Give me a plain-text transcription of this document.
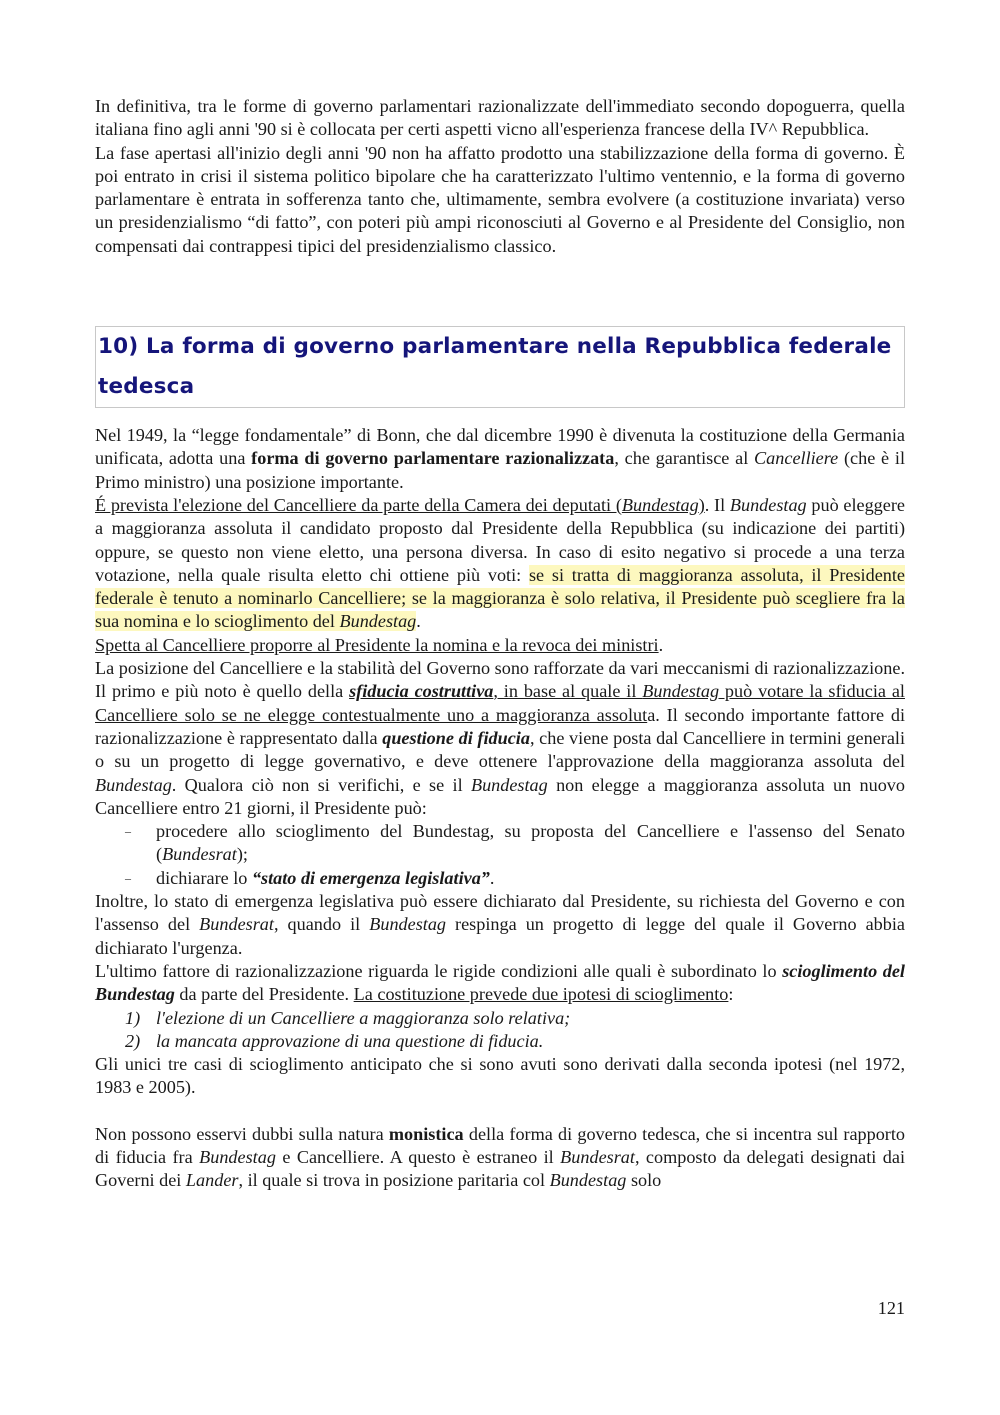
In definitiva, tra le forme di governo parlamentari razionalizzate dell'immediato secondo dopoguerra, quella italiana fino agli anni '90 si è collocata per certi aspetti vicno all'esperienza francese della IV^ Repubblica.

La fase apertasi all'inizio degli anni '90 non ha affatto prodotto una stabilizzazione della forma di governo. È poi entrato in crisi il sistema politico bipolare che ha caratterizzato l'ultimo ventennio, e la forma di governo parlamentare è entrata in sofferenza tanto che, ultimamente, sembra evolvere (a costituzione invariata) verso un presidenzialismo “di fatto”, con poteri più ampi riconosciuti al Governo e al Presidente del Consiglio, non compensati dai contrappesi tipici del presidenzialismo classico.

10) La forma di governo parlamentare nella Repubblica federale tedesca

Nel 1949, la “legge fondamentale” di Bonn, che dal dicembre 1990 è divenuta la costituzione della Germania unificata, adotta una forma di governo parlamentare razionalizzata, che garantisce al Cancelliere (che è il Primo ministro) una posizione importante.

É prevista l'elezione del Cancelliere da parte della Camera dei deputati (Bundestag). Il Bundestag può eleggere a maggioranza assoluta il candidato proposto dal Presidente della Repubblica (su indicazione dei partiti) oppure, se questo non viene eletto, una persona diversa. In caso di esito negativo si procede a una terza votazione, nella quale risulta eletto chi ottiene più voti: se si tratta di maggioranza assoluta, il Presidente federale è tenuto a nominarlo Cancelliere; se la maggioranza è solo relativa, il Presidente può scegliere fra la sua nomina e lo scioglimento del Bundestag.

Spetta al Cancelliere proporre al Presidente la nomina e la revoca dei ministri.

La posizione del Cancelliere e la stabilità del Governo sono rafforzate da vari meccanismi di razionalizzazione. Il primo e più noto è quello della sfiducia costruttiva, in base al quale il Bundestag può votare la sfiducia al Cancelliere solo se ne elegge contestualmente uno a maggioranza assoluta. Il secondo importante fattore di razionalizzazione è rappresentato dalla questione di fiducia, che viene posta dal Cancelliere in termini generali o su un progetto di legge governativo, e deve ottenere l'approvazione della maggioranza assoluta del Bundestag. Qualora ciò non si verifichi, e se il Bundestag non elegge a maggioranza assoluta un nuovo Cancelliere entro 21 giorni, il Presidente può:

– procedere allo scioglimento del Bundestag, su proposta del Cancelliere e l'assenso del Senato (Bundesrat);
– dichiarare lo “stato di emergenza legislativa”.

Inoltre, lo stato di emergenza legislativa può essere dichiarato dal Presidente, su richiesta del Governo e con l'assenso del Bundesrat, quando il Bundestag respinga un progetto di legge del quale il Governo abbia dichiarato l'urgenza.

L'ultimo fattore di razionalizzazione riguarda le rigide condizioni alle quali è subordinato lo scioglimento del Bundestag da parte del Presidente. La costituzione prevede due ipotesi di scioglimento:

1) l'elezione di un Cancelliere a maggioranza solo relativa;
2) la mancata approvazione di una questione di fiducia.

Gli unici tre casi di scioglimento anticipato che si sono avuti sono derivati dalla seconda ipotesi (nel 1972, 1983 e 2005).

Non possono esservi dubbi sulla natura monistica della forma di governo tedesca, che si incentra sul rapporto di fiducia fra Bundestag e Cancelliere. A questo è estraneo il Bundesrat, composto da delegati designati dai Governi dei Lander, il quale si trova in posizione paritaria col Bundestag solo

121
